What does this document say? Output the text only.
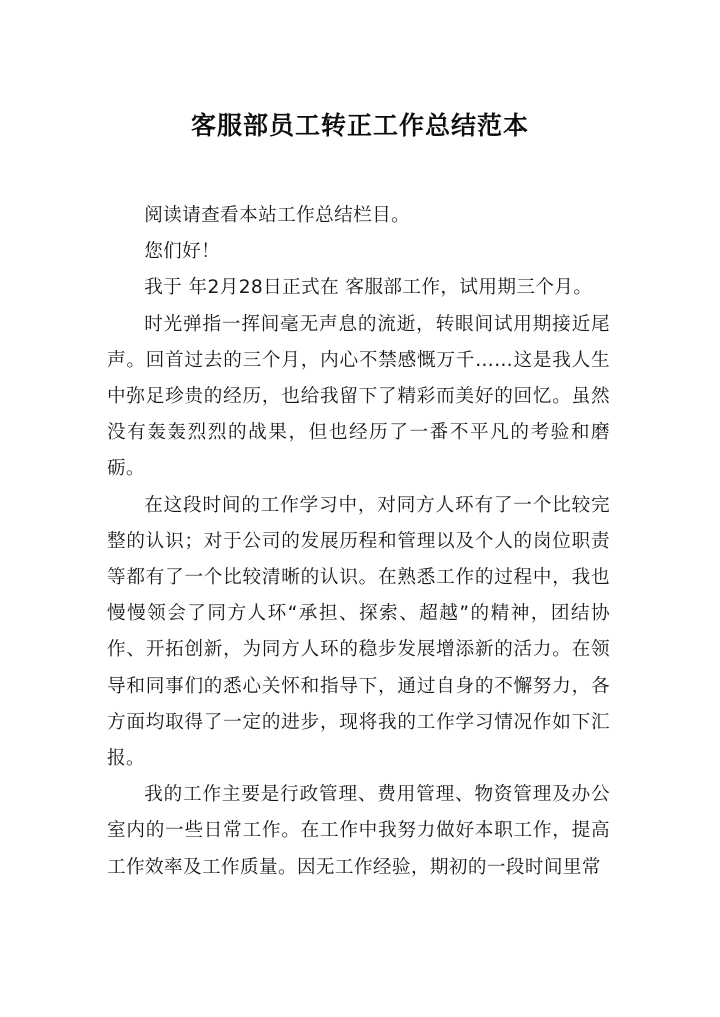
客服部员工转正工作总结范本

阅读请查看本站工作总结栏目。

您们好！

我于 年2月28日正式在 客服部工作，试用期三个月。

时光弹指一挥间毫无声息的流逝，转眼间试用期接近尾声。回首过去的三个月，内心不禁感慨万千……这是我人生中弥足珍贵的经历，也给我留下了精彩而美好的回忆。虽然没有轰轰烈烈的战果，但也经历了一番不平凡的考验和磨砺。

在这段时间的工作学习中，对同方人环有了一个比较完整的认识；对于公司的发展历程和管理以及个人的岗位职责等都有了一个比较清晰的认识。在熟悉工作的过程中，我也慢慢领会了同方人环“承担、探索、超越”的精神，团结协作、开拓创新，为同方人环的稳步发展增添新的活力。在领导和同事们的悉心关怀和指导下，通过自身的不懈努力，各方面均取得了一定的进步，现将我的工作学习情况作如下汇报。

我的工作主要是行政管理、费用管理、物资管理及办公室内的一些日常工作。在工作中我努力做好本职工作，提高工作效率及工作质量。因无工作经验，期初的一段时间里常
